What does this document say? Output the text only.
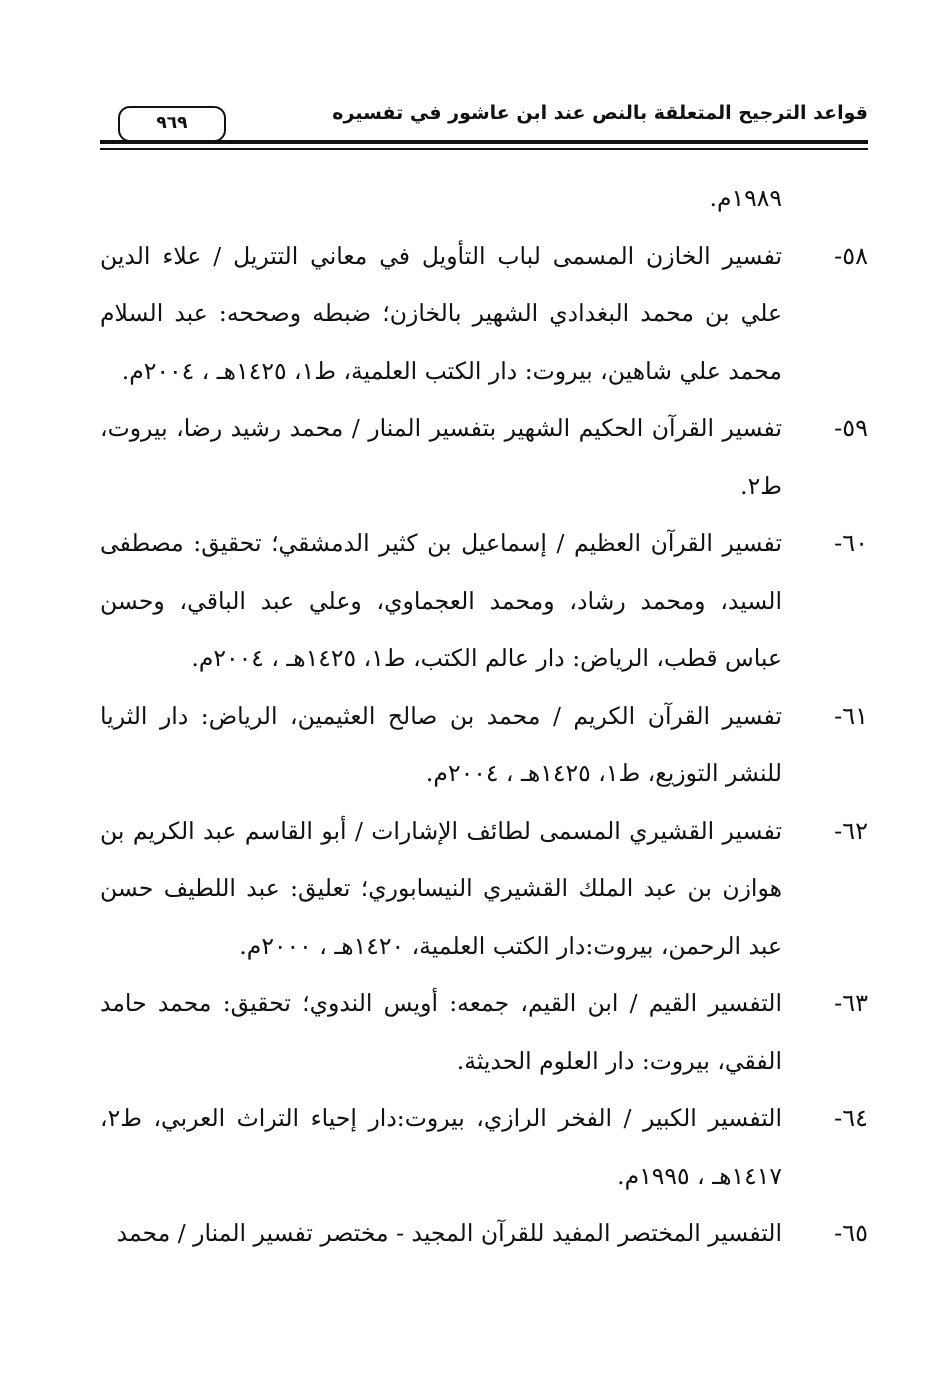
قواعد الترجيح المتعلقة بالنص عند ابن عاشور في تفسيره
٩٦٩
١٩٨٩م.
٥٨-
تفسير الخازن المسمى لباب التأويل في معاني التتريل / علاء الدين علي بن محمد البغدادي الشهير بالخازن؛ ضبطه وصححه: عبد السلام محمد علي شاهين، بيروت: دار الكتب العلمية، ط١، ١٤٢٥هـ ، ٢٠٠٤م.
٥٩-
تفسير القرآن الحكيم الشهير بتفسير المنار / محمد رشيد رضا، بيروت، ط٢.
٦٠-
تفسير القرآن العظيم / إسماعيل بن كثير الدمشقي؛ تحقيق: مصطفى السيد، ومحمد رشاد، ومحمد العجماوي، وعلي عبد الباقي، وحسن عباس قطب، الرياض: دار عالم الكتب، ط١، ١٤٢٥هـ ، ٢٠٠٤م.
٦١-
تفسير القرآن الكريم / محمد بن صالح العثيمين، الرياض: دار الثريا للنشر التوزيع، ط١، ١٤٢٥هـ ، ٢٠٠٤م.
٦٢-
تفسير القشيري المسمى لطائف الإشارات / أبو القاسم عبد الكريم بن هوازن بن عبد الملك القشيري النيسابوري؛ تعليق: عبد اللطيف حسن عبد الرحمن، بيروت:دار الكتب العلمية، ١٤٢٠هـ ، ٢٠٠٠م.
٦٣-
التفسير القيم / ابن القيم، جمعه: أويس الندوي؛ تحقيق: محمد حامد الفقي، بيروت: دار العلوم الحديثة.
٦٤-
التفسير الكبير / الفخر الرازي، بيروت:دار إحياء التراث العربي، ط٢، ١٤١٧هـ ، ١٩٩٥م.
٦٥-
التفسير المختصر المفيد للقرآن المجيد - مختصر تفسير المنار / محمد
